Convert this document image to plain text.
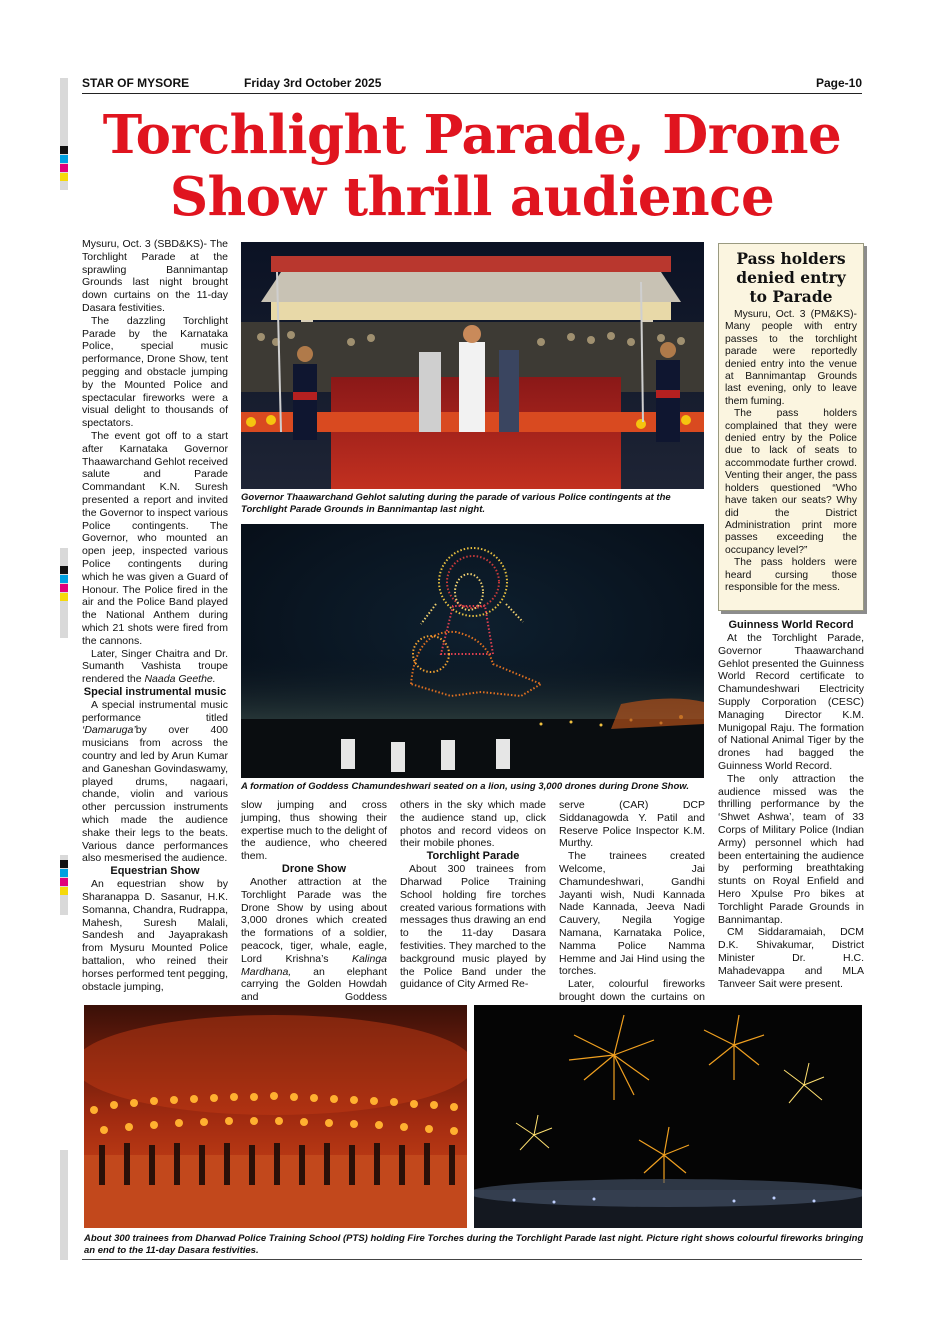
STAR OF MYSORE	Friday 3rd October 2025	Page-10
Torchlight Parade, Drone
Show thrill audience

Mysuru, Oct. 3 (SBD&KS)- The Torchlight Parade at the sprawling Bannimantap Grounds last night brought down curtains on the 11-day Dasara festivities.

The dazzling Torchlight Parade by the Karnataka Police, special music performance, Drone Show, tent pegging and obstacle jumping by the Mounted Police and spectacular fireworks were a visual delight to thousands of spectators.

The event got off to a start after Karnataka Governor Thaawarchand Gehlot received salute and Parade Commandant K.N. Suresh presented a report and invited the Governor to inspect various Police contingents. The Governor, who mounted an open jeep, inspected various Police contingents during which he was given a Guard of Honour. The Police fired in the air and the Police Band played the National Anthem during which 21 shots were fired from the cannons.

Later, Singer Chaitra and Dr. Sumanth Vashista troupe rendered the Naada Geethe.

Special instrumental music

A special instrumental music performance titled ‘Damaruga’by over 400 musicians from across the country and led by Arun Kumar and Ganeshan Govindaswamy, played drums, nagaari, chande, violin and various other percussion instruments which made the audience shake their legs to the beats. Various dance performances also mesmerised the audience.

Equestrian Show

An equestrian show by Sharanappa D. Sasanur, H.K. Somanna, Chandra, Rudrappa, Mahesh, Suresh Malali, Sandesh and Jayaprakash from Mysuru Mounted Police battalion, who reined their horses performed tent pegging, obstacle jumping,

Governor Thaawarchand Gehlot saluting during the parade of various Police contingents at the Torchlight Parade Grounds in Bannimantap last night.
A formation of Goddess Chamundeshwari seated on a lion, using 3,000 drones during Drone Show.

slow jumping and cross jumping, thus showing their expertise much to the delight of the audience, who cheered them.

Drone Show

Another attraction at the Torchlight Parade was the Drone Show by using about 3,000 drones which created the formations of a soldier, peacock, tiger, whale, eagle, Lord Krishna’s Kalinga Mardhana, an elephant carrying the Golden Howdah and Goddess

others in the sky which made the audience stand up, click photos and record videos on their mobile phones.

Torchlight Parade

About 300 trainees from Dharwad Police Training School holding fire torches created various formations with messages thus drawing an end to the 11-day Dasara festivities. They marched to the background music played by the Police Band under the guidance of City Armed Re-

serve (CAR) DCP Siddanagowda Y. Patil and Reserve Police Inspector K.M. Murthy.

The trainees created Welcome, Jai Chamundeshwari, Gandhi Jayanti wish, Nudi Kannada Nade Kannada, Jeeva Nadi Cauvery, Negila Yogige Namana, Karnataka Police, Namma Police Namma Hemme and Jai Hind using the torches.

Later, colourful fireworks brought down the curtains on

Pass holders denied entry to Parade

Mysuru, Oct. 3 (PM&KS)- Many people with entry passes to the torchlight parade were reportedly denied entry into the venue at Bannimantap Grounds last evening, only to leave them fuming.

The pass holders complained that they were denied entry by the Police due to lack of seats to accommodate further crowd. Venting their anger, the pass holders questioned “Who have taken our seats? Why did the District Administration print more passes exceeding the occupancy level?”

The pass holders were heard cursing those responsible for the mess.

Guinness World Record

At the Torchlight Parade, Governor Thaawarchand Gehlot presented the Guinness World Record certificate to Chamundeshwari Electricity Supply Corporation (CESC) Managing Director K.M. Munigopal Raju. The formation of National Animal Tiger by the drones had bagged the Guinness World Record.

The only attraction the audience missed was the thrilling performance by the ‘Shwet Ashwa’, team of 33 Corps of Military Police (Indian Army) personnel which had been entertaining the audience by performing breathtaking stunts on Royal Enfield and Hero Xpulse Pro bikes at Torchlight Parade Grounds in Bannimantap.

CM Siddaramaiah, DCM D.K. Shivakumar, District Minister Dr. H.C. Mahadevappa and MLA Tanveer Sait were present.

About 300 trainees from Dharwad Police Training School (PTS) holding Fire Torches during the Torchlight Parade last night. Picture right shows colourful fireworks bringing an end to the 11-day Dasara festivities.
